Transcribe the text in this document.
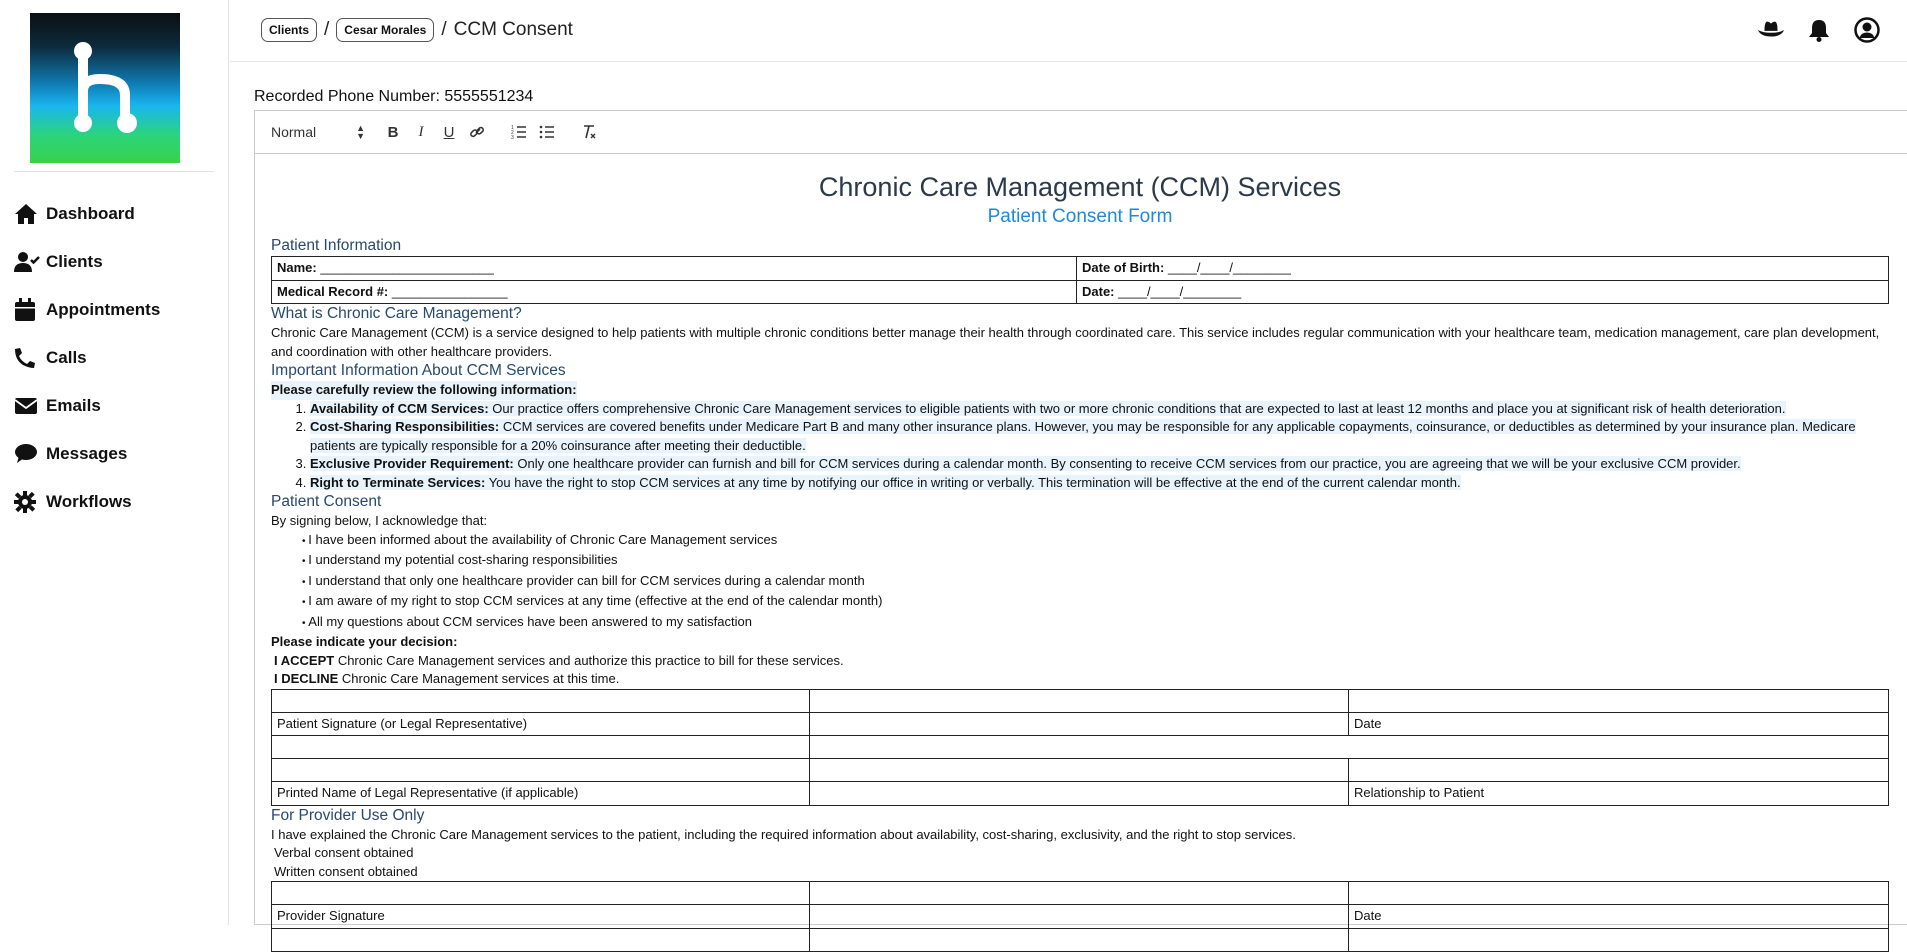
Dashboard
Clients
Appointments
Calls
Emails
Messages
Workflows
Clients /	Cesar Morales / CCM Consent
Recorded Phone Number: 5555551234
Normal	▲
▼ B I U	1
2
3
Chronic Care Management (CCM) Services
Patient Consent Form
Patient Information
Name: ________________________	Date of Birth: ____/____/________
Medical Record #: ________________	Date: ____/____/________
What is Chronic Care Management?
Chronic Care Management (CCM) is a service designed to help patients with multiple chronic conditions better manage their health through coordinated care. This service includes regular communication with your healthcare team, medication management, care plan development, and coordination with other healthcare providers.
Important Information About CCM Services
Please carefully review the following information:
1. Availability of CCM Services: Our practice offers comprehensive Chronic Care Management services to eligible patients with two or more chronic conditions that are expected to last at least 12 months and place you at significant risk of health deterioration.
2. Cost-Sharing Responsibilities: CCM services are covered benefits under Medicare Part B and many other insurance plans. However, you may be responsible for any applicable copayments, coinsurance, or deductibles as determined by your insurance plan. Medicare patients are typically responsible for a 20% coinsurance after meeting their deductible.
3. Exclusive Provider Requirement: Only one healthcare provider can furnish and bill for CCM services during a calendar month. By consenting to receive CCM services from our practice, you are agreeing that we will be your exclusive CCM provider.
4. Right to Terminate Services: You have the right to stop CCM services at any time by notifying our office in writing or verbally. This termination will be effective at the end of the current calendar month.
Patient Consent
By signing below, I acknowledge that:
• I have been informed about the availability of Chronic Care Management services
• I understand my potential cost-sharing responsibilities
• I understand that only one healthcare provider can bill for CCM services during a calendar month
• I am aware of my right to stop CCM services at any time (effective at the end of the calendar month)
• All my questions about CCM services have been answered to my satisfaction
Please indicate your decision:
I ACCEPT Chronic Care Management services and authorize this practice to bill for these services.
I DECLINE Chronic Care Management services at this time.

Patient Signature (or Legal Representative)		Date

Printed Name of Legal Representative (if applicable)		Relationship to Patient
For Provider Use Only
I have explained the Chronic Care Management services to the patient, including the required information about availability, cost-sharing, exclusivity, and the right to stop services.
Verbal consent obtained
Written consent obtained

Provider Signature		Date
